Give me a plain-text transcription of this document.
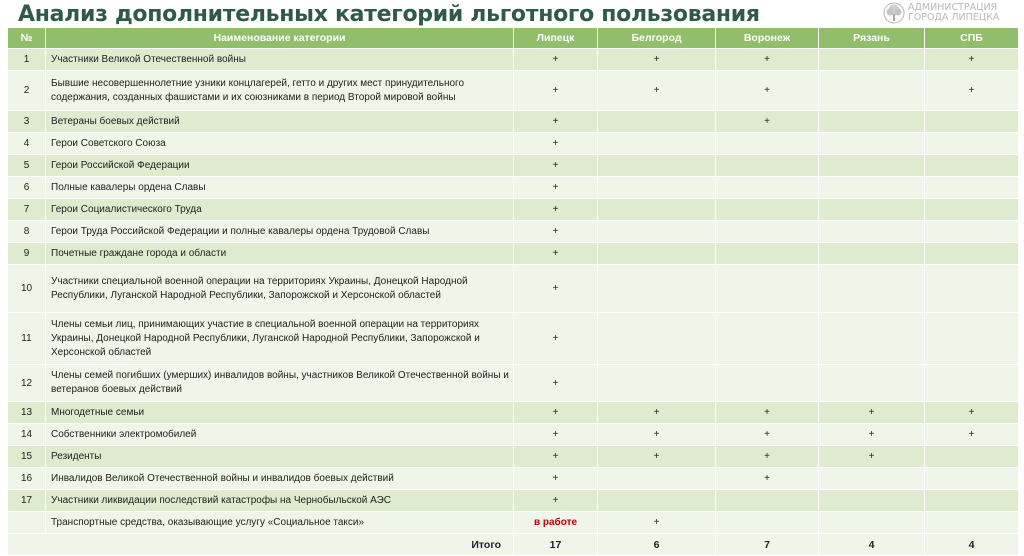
Анализ дополнительных категорий льготного пользования	АДМИНИСТРАЦИЯ
ГОРОДА ЛИПЕЦКА
№	Наименование категории	Липецк	Белгород	Воронеж	Рязань	СПБ
1	Участники Великой Отечественной войны	+	+	+		+
2	Бывшие несовершеннолетние узники концлагерей, гетто и других мест принудительного содержания, созданных фашистами и их союзниками в период Второй мировой войны	+	+	+		+
3	Ветераны боевых действий	+		+		
4	Герои Советского Союза	+				
5	Герои Российской Федерации	+				
6	Полные кавалеры ордена Славы	+				
7	Герои Социалистического Труда	+				
8	Герои Труда Российской Федерации и полные кавалеры ордена Трудовой Славы	+				
9	Почетные граждане города и области	+				
10	Участники специальной военной операции на территориях Украины, Донецкой Народной Республики, Луганской Народной Республики, Запорожской и Херсонской областей	+				
11	Члены семьи лиц, принимающих участие в специальной военной операции на территориях Украины, Донецкой Народной Республики, Луганской Народной Республики, Запорожской и Херсонской областей	+				
12	Члены семей погибших (умерших) инвалидов войны, участников Великой Отечественной войны и ветеранов боевых действий	+				
13	Многодетные семьи	+	+	+	+	+
14	Собственники электромобилей	+	+	+	+	+
15	Резиденты	+	+	+	+	
16	Инвалидов Великой Отечественной войны и инвалидов боевых действий	+		+		
17	Участники ликвидации последствий катастрофы на Чернобыльской АЭС	+				
	Транспортные средства, оказывающие услугу «Социальное такси»	в работе	+			
Итого		17	6	7	4	4
